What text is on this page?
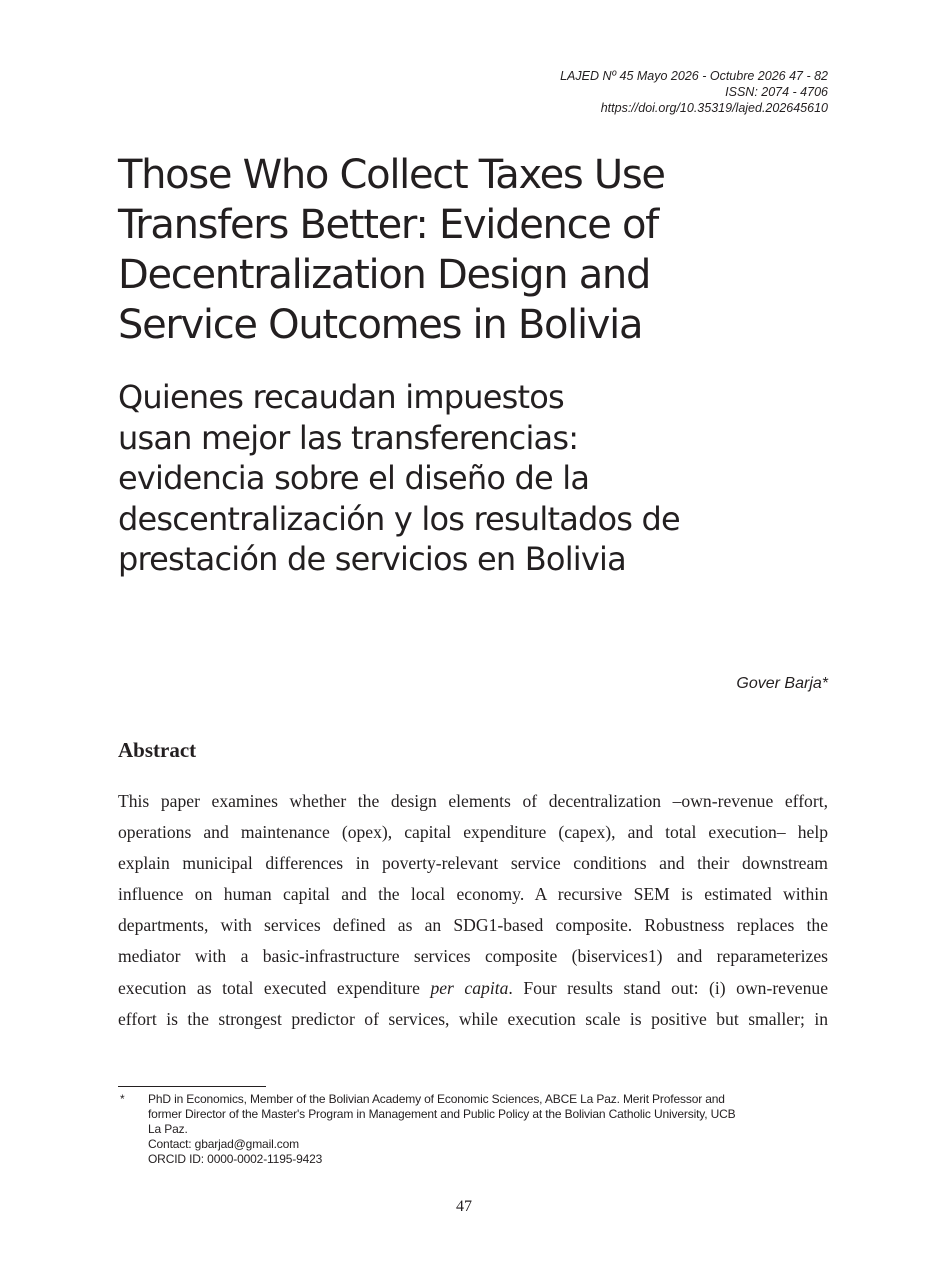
LAJED Nº 45 Mayo 2026 - Octubre 2026 47 - 82
ISSN: 2074 - 4706
https://doi.org/10.35319/lajed.202645610
Those Who Collect Taxes Use
Transfers Better: Evidence of
Decentralization Design and
Service Outcomes in Bolivia
Quienes recaudan impuestos
usan mejor las transferencias:
evidencia sobre el diseño de la
descentralización y los resultados de
prestación de servicios en Bolivia
Gover Barja*
Abstract
This paper examines whether the design elements of decentralization –own-revenue effort,
operations and maintenance (opex), capital expenditure (capex), and total execution– help
explain municipal differences in poverty-relevant service conditions and their downstream
influence on human capital and the local economy. A recursive SEM is estimated within
departments, with services defined as an SDG1-based composite. Robustness replaces the
mediator with a basic-infrastructure services composite (biservices1) and reparameterizes
execution as total executed expenditure per capita. Four results stand out: (i) own-revenue
effort is the strongest predictor of services, while execution scale is positive but smaller; in
* PhD in Economics, Member of the Bolivian Academy of Economic Sciences, ABCE La Paz. Merit Professor and
former Director of the Master's Program in Management and Public Policy at the Bolivian Catholic University, UCB
La Paz.
Contact: gbarjad@gmail.com
ORCID ID: 0000-0002-1195-9423
47
